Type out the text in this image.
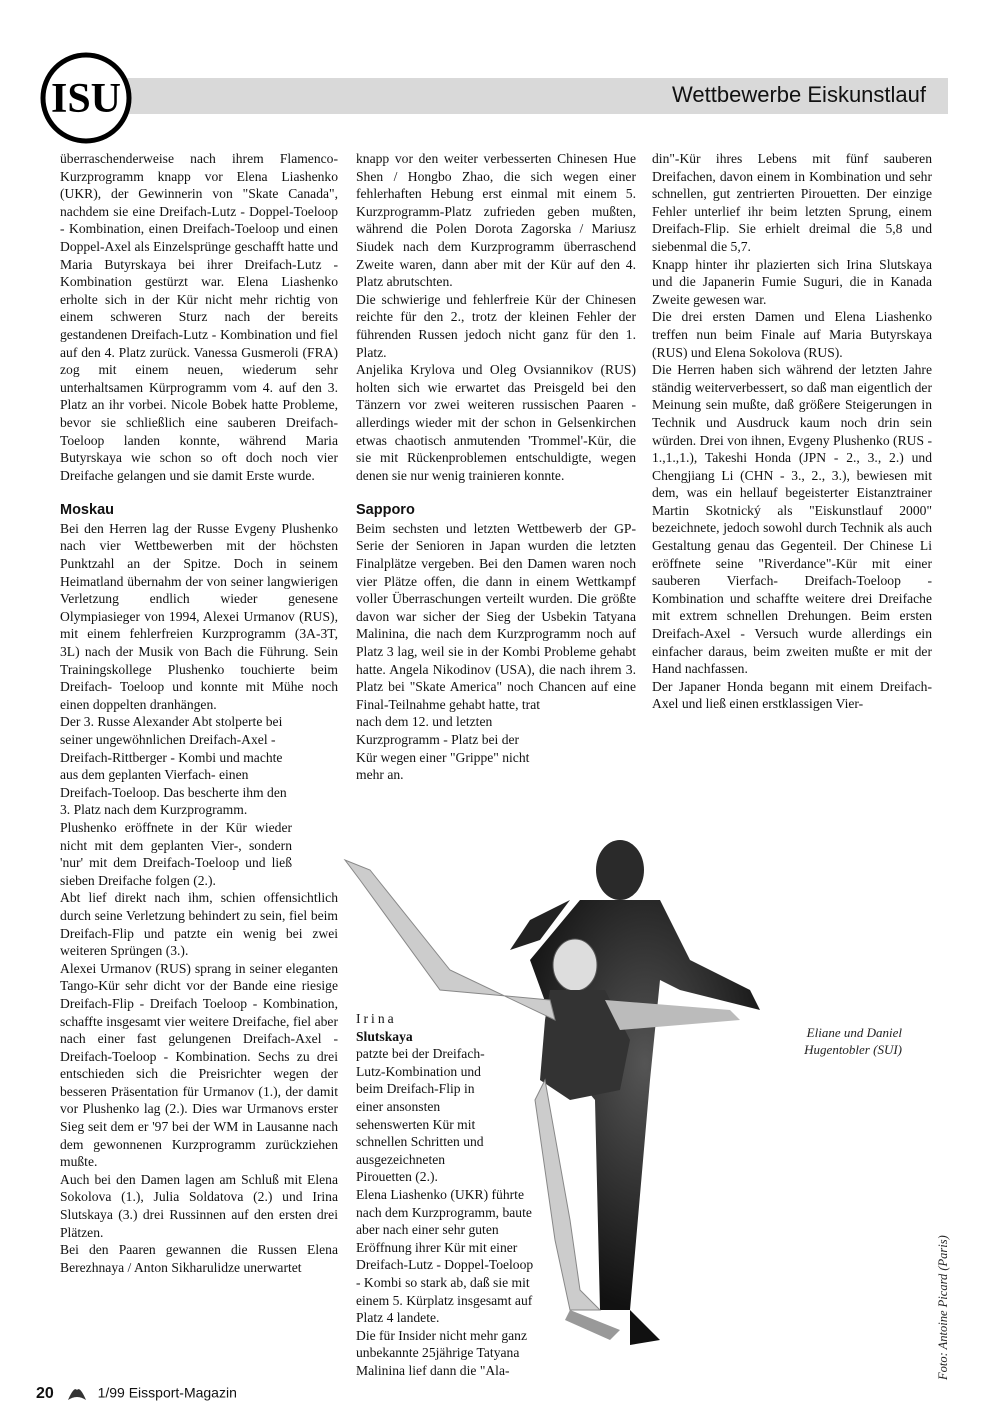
Wettbewerbe Eiskunstlauf
ISU

überraschenderweise nach ihrem Flamenco-Kurzprogramm knapp vor Elena Liashenko (UKR), der Gewinnerin von "Skate Canada", nachdem sie eine Dreifach-Lutz - Doppel-Toeloop - Kombination, einen Dreifach-Toeloop und einen Doppel-Axel als Einzelsprünge geschafft hatte und Maria Butyrskaya bei ihrer Dreifach-Lutz - Kombination gestürzt war. Elena Liashenko erholte sich in der Kür nicht mehr richtig von einem schweren Sturz nach der bereits gestandenen Dreifach-Lutz - Kombination und fiel auf den 4. Platz zurück. Vanessa Gusmeroli (FRA) zog mit einem neuen, wiederum sehr unterhaltsamen Kürprogramm vom 4. auf den 3. Platz an ihr vorbei. Nicole Bobek hatte Probleme, bevor sie schließlich eine sauberen Dreifach-Toeloop landen konnte, während Maria Butyrskaya wie schon so oft doch noch vier Dreifache gelangen und sie damit Erste wurde.

Moskau

Bei den Herren lag der Russe Evgeny Plushenko nach vier Wettbewerben mit der höchsten Punktzahl an der Spitze. Doch in seinem Heimatland übernahm der von seiner langwierigen Verletzung endlich wieder genesene Olympiasieger von 1994, Alexei Urmanov (RUS), mit einem fehlerfreien Kurzprogramm (3A-3T, 3L) nach der Musik von Bach die Führung. Sein Trainingskollege Plushenko touchierte beim Dreifach- Toeloop und konnte mit Mühe noch einen doppelten dranhängen.

Der 3. Russe Alexander Abt stolperte bei seiner ungewöhnlichen Dreifach-Axel - Dreifach-Rittberger - Kombi und machte aus dem geplanten Vierfach- einen Dreifach-Toeloop. Das bescherte ihm den 3. Platz nach dem Kurzprogramm.

Plushenko eröffnete in der Kür wieder nicht mit dem geplanten Vier-, sondern 'nur' mit dem Dreifach-Toeloop und ließ sieben Dreifache folgen (2.).

Abt lief direkt nach ihm, schien offensichtlich durch seine Verletzung behindert zu sein, fiel beim Dreifach-Flip und patzte ein wenig bei zwei weiteren Sprüngen (3.).

Alexei Urmanov (RUS) sprang in seiner eleganten Tango-Kür sehr dicht vor der Bande eine riesige Dreifach-Flip - Dreifach Toeloop - Kombination, schaffte insgesamt vier weitere Dreifache, fiel aber nach einer fast gelungenen Dreifach-Axel - Dreifach-Toeloop - Kombination. Sechs zu drei entschieden sich die Preisrichter wegen der besseren Präsentation für Urmanov (1.), der damit vor Plushenko lag (2.). Dies war Urmanovs erster Sieg seit dem er '97 bei der WM in Lausanne nach dem gewonnenen Kurzprogramm zurückziehen mußte.

Auch bei den Damen lagen am Schluß mit Elena Sokolova (1.), Julia Soldatova (2.) und Irina Slutskaya (3.) drei Russinnen auf den ersten drei Plätzen.

Bei den Paaren gewannen die Russen Elena Berezhnaya / Anton Sikharulidze unerwartet

knapp vor den weiter verbesserten Chinesen Hue Shen / Hongbo Zhao, die sich wegen einer fehlerhaften Hebung erst einmal mit einem 5. Kurzprogramm-Platz zufrieden geben mußten, während die Polen Dorota Zagorska / Mariusz Siudek nach dem Kurzprogramm überraschend Zweite waren, dann aber mit der Kür auf den 4. Platz abrutschten.

Die schwierige und fehlerfreie Kür der Chinesen reichte für den 2., trotz der kleinen Fehler der führenden Russen jedoch nicht ganz für den 1. Platz.

Anjelika Krylova und Oleg Ovsiannikov (RUS) holten sich wie erwartet das Preisgeld bei den Tänzern vor zwei weiteren russischen Paaren - allerdings wieder mit der schon in Gelsenkirchen etwas chaotisch anmutenden 'Trommel'-Kür, die sie mit Rückenproblemen entschuldigte, wegen denen sie nur wenig trainieren konnte.

Sapporo

Beim sechsten und letzten Wettbewerb der GP-Serie der Senioren in Japan wurden die letzten Finalplätze vergeben. Bei den Damen waren noch vier Plätze offen, die dann in einem Wettkampf voller Überraschungen verteilt wurden. Die größte davon war sicher der Sieg der Usbekin Tatyana Malinina, die nach dem Kurzprogramm noch auf Platz 3 lag, weil sie in der Kombi Probleme gehabt hatte. Angela Nikodinov (USA), die nach ihrem 3. Platz bei "Skate America" noch Chancen auf eine Final-Teilnahme gehabt hatte, trat

nach dem 12. und letzten Kurzprogramm - Platz bei der Kür wegen einer "Grippe" nicht mehr an.

din"-Kür ihres Lebens mit fünf sauberen Dreifachen, davon einem in Kombination und sehr schnellen, gut zentrierten Pirouetten. Der einzige Fehler unterlief ihr beim letzten Sprung, einem Dreifach-Flip. Sie erhielt dreimal die 5,8 und siebenmal die 5,7.

Knapp hinter ihr plazierten sich Irina Slutskaya und die Japanerin Fumie Suguri, die in Kanada Zweite gewesen war.

Die drei ersten Damen und Elena Liashenko treffen nun beim Finale auf Maria Butyrskaya (RUS) und Elena Sokolova (RUS).

Die Herren haben sich während der letzten Jahre ständig weiterverbessert, so daß man eigentlich der Meinung sein mußte, daß größere Steigerungen in Technik und Ausdruck kaum noch drin sein würden. Drei von ihnen, Evgeny Plushenko (RUS - 1.,1.,1.), Takeshi Honda (JPN - 2., 3., 2.) und Chengjiang Li (CHN - 3., 2., 3.), bewiesen mit dem, was ein hellauf begeisterter Eistanztrainer Martin Skotnický als "Eiskunstlauf 2000" bezeichnete, jedoch sowohl durch Technik als auch Gestaltung genau das Gegenteil. Der Chinese Li eröffnete seine "Riverdance"-Kür mit einer sauberen Vierfach- Dreifach-Toeloop - Kombination und schaffte weitere drei Dreifache mit extrem schnellen Drehungen. Beim ersten Dreifach-Axel - Versuch wurde allerdings ein einfacher daraus, beim zweiten mußte er mit der Hand nachfassen.

Der Japaner Honda begann mit einem Dreifach-Axel und ließ einen erstklassigen Vier-

Irina
Slutskaya
patzte bei der Dreifach-Lutz-Kombination und beim Dreifach-Flip in einer ansonsten sehenswerten Kür mit schnellen Schritten und ausgezeichneten Pirouetten (2.).
Elena Liashenko (UKR) führte nach dem Kurzprogramm, baute aber nach einer sehr guten Eröffnung ihrer Kür mit einer Dreifach-Lutz - Doppel-Toeloop - Kombi so stark ab, daß sie mit einem 5. Kürplatz insgesamt auf Platz 4 landete.
Die für Insider nicht mehr ganz unbekannte 25jährige Tatyana Malinina lief dann die "Ala-
Eliane und Daniel Hugentobler (SUI)
Foto: Antoine Picard (Paris)
20	1/99 Eissport-Magazin
